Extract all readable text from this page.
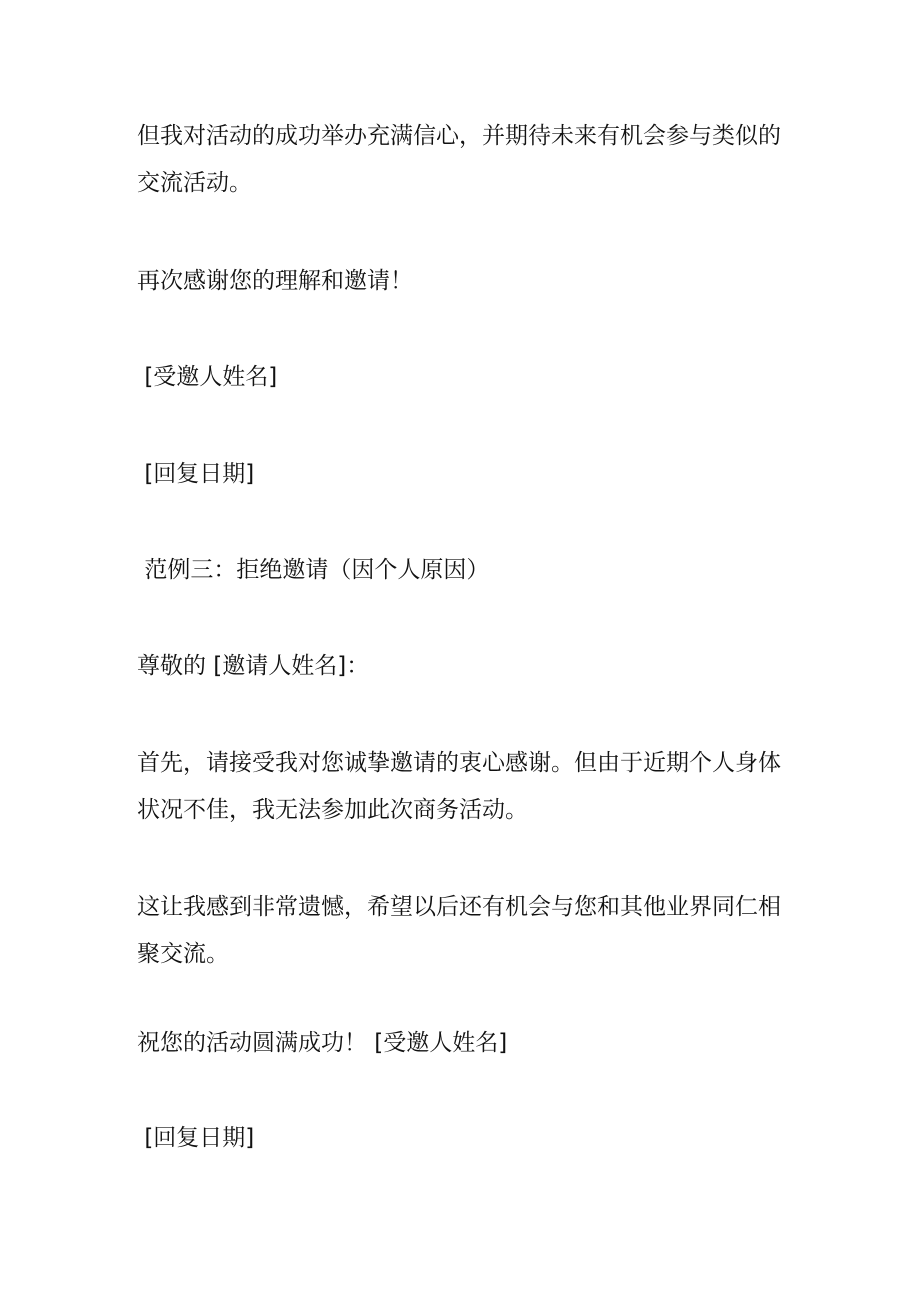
但我对活动的成功举办充满信心，并期待未来有机会参与类似的交流活动。

再次感谢您的理解和邀请！

[受邀人姓名]

[回复日期]

范例三：拒绝邀请（因个人原因）

尊敬的 [邀请人姓名]：

首先，请接受我对您诚挚邀请的衷心感谢。但由于近期个人身体状况不佳，我无法参加此次商务活动。

这让我感到非常遗憾，希望以后还有机会与您和其他业界同仁相聚交流。

祝您的活动圆满成功！ [受邀人姓名]

[回复日期]
